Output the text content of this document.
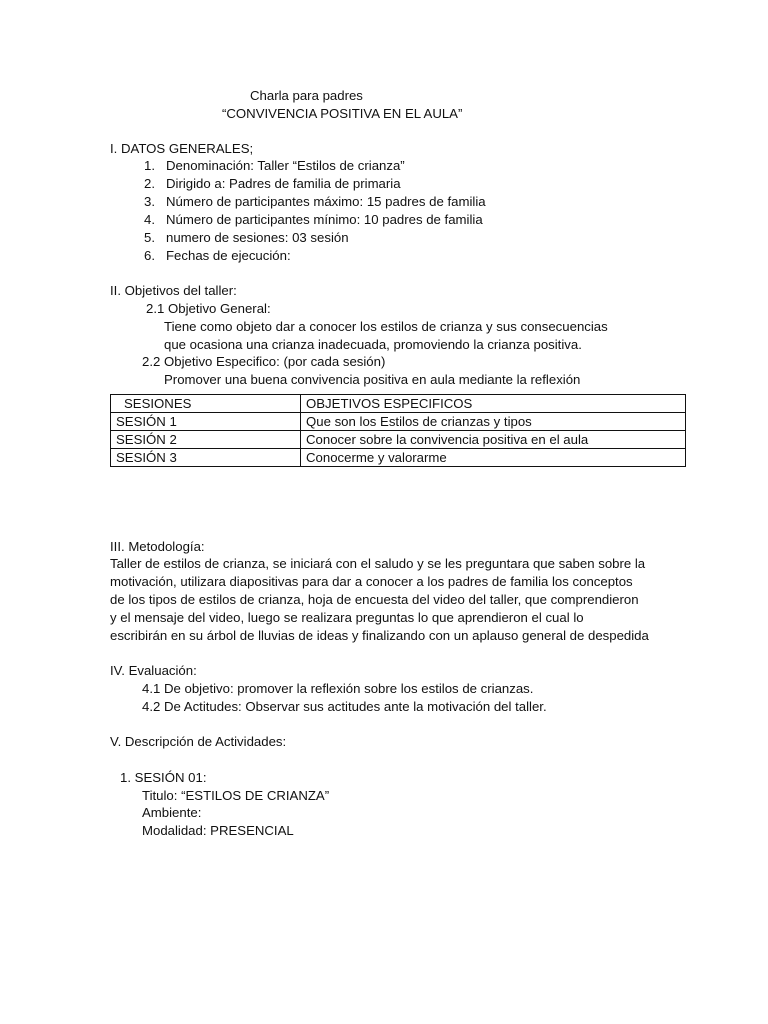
Charla para padres
“CONVIVENCIA POSITIVA EN EL AULA”
I. DATOS GENERALES;
1. Denominación: Taller “Estilos de crianza”
2. Dirigido a: Padres de familia de primaria
3. Número de participantes máximo: 15 padres de familia
4. Número de participantes mínimo: 10 padres de familia
5. numero de sesiones: 03 sesión
6. Fechas de ejecución:
II. Objetivos del taller:
2.1 Objetivo General:
Tiene como objeto dar a conocer los estilos de crianza y sus consecuencias
que ocasiona una crianza inadecuada, promoviendo la crianza positiva.
2.2 Objetivo Especifico: (por cada sesión)
Promover una buena convivencia positiva en aula mediante la reflexión
SESIONES	OBJETIVOS ESPECIFICOS
SESIÓN 1	Que son los Estilos de crianzas y tipos
SESIÓN 2	Conocer sobre la convivencia positiva en el aula
SESIÓN 3	Conocerme y valorarme
III. Metodología:
Taller de estilos de crianza, se iniciará con el saludo y se les preguntara que saben sobre la
motivación, utilizara diapositivas para dar a conocer a los padres de familia los conceptos
de los tipos de estilos de crianza, hoja de encuesta del video del taller, que comprendieron
y el mensaje del video, luego se realizara preguntas lo que aprendieron el cual lo
escribirán en su árbol de lluvias de ideas y finalizando con un aplauso general de despedida
IV. Evaluación:
4.1 De objetivo: promover la reflexión sobre los estilos de crianzas.
4.2 De Actitudes: Observar sus actitudes ante la motivación del taller.
V. Descripción de Actividades:
1. SESIÓN 01:
Titulo: “ESTILOS DE CRIANZA”
Ambiente:
Modalidad: PRESENCIAL
